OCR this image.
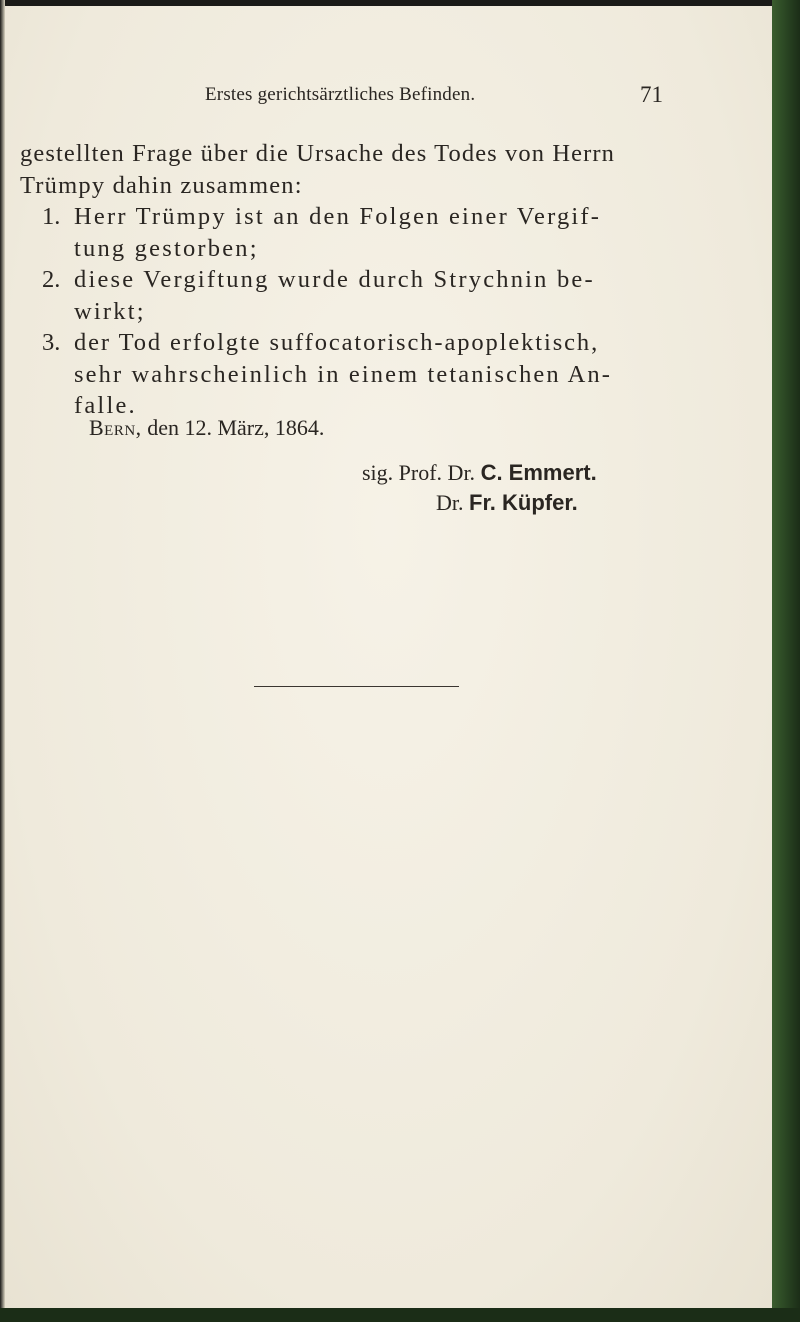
Erstes gerichtsärztliches Befinden.	71
gestellten Frage über die Ursache des Todes von Herrn
Trümpy dahin zusammen:
1. Herr Trümpy ist an den Folgen einer Vergif-
tung gestorben;
2. diese Vergiftung wurde durch Strychnin be-
wirkt;
3. der Tod erfolgte suffocatorisch-apoplektisch,
sehr wahrscheinlich in einem tetanischen An-
falle.
Bern, den 12. März, 1864.
sig. Prof. Dr. C. Emmert.
Dr. Fr. Küpfer.
